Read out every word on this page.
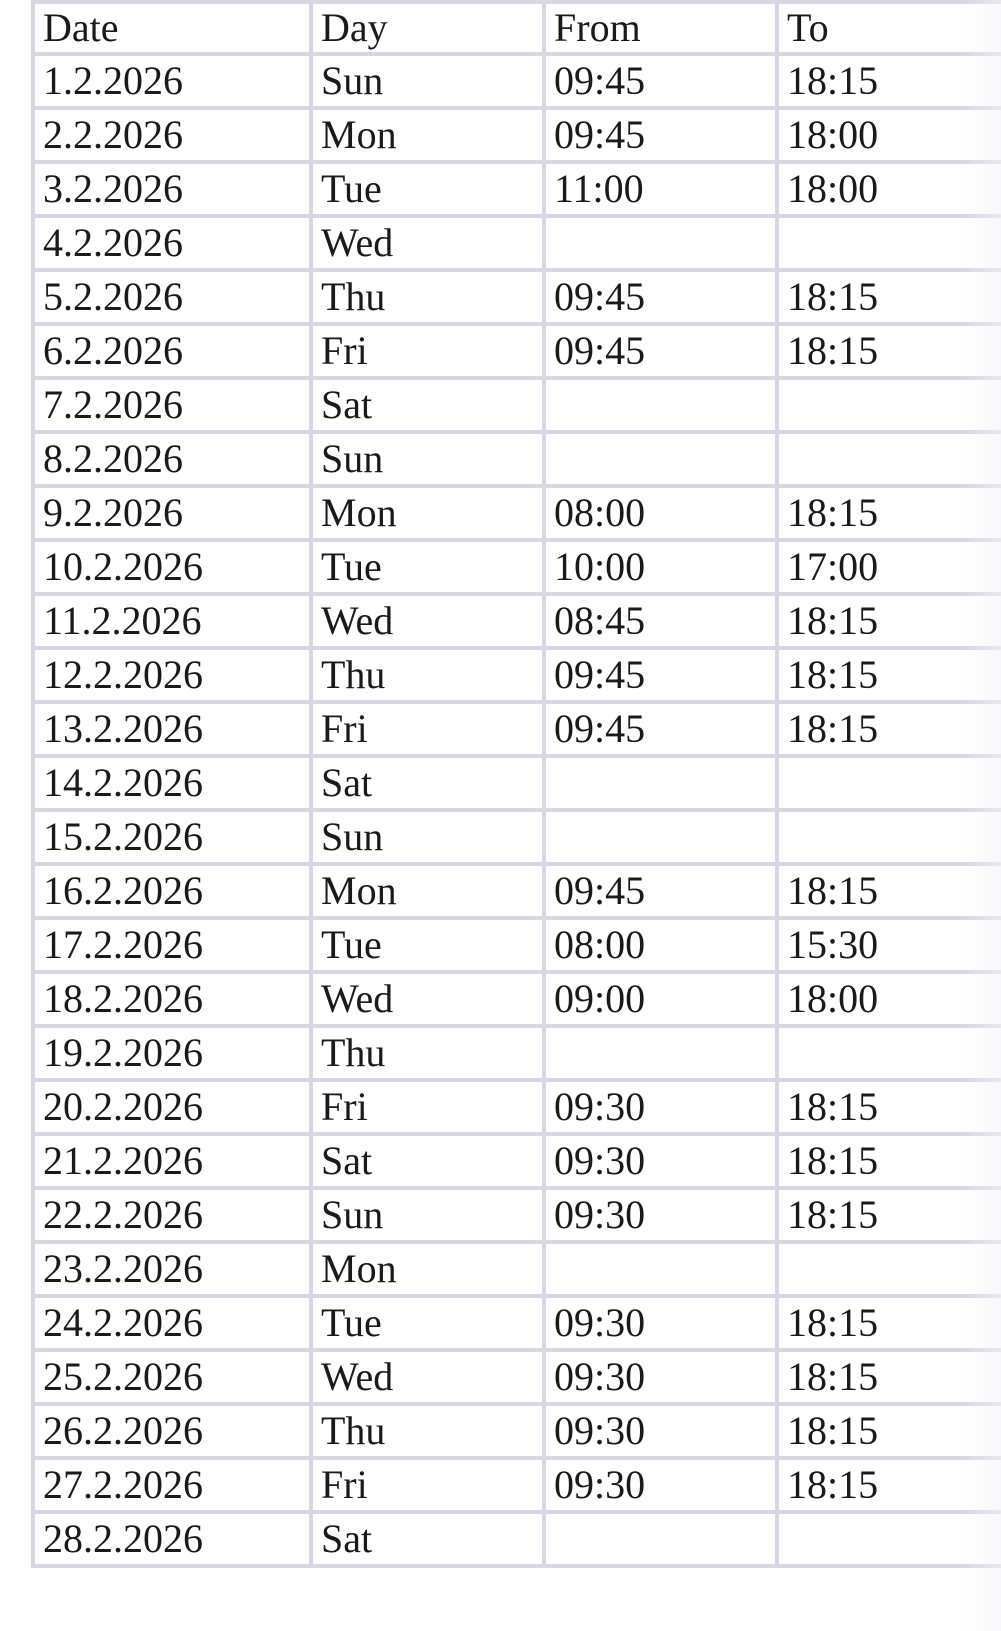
Date	Day	From	To
1.2.2026	Sun	09:45	18:15
2.2.2026	Mon	09:45	18:00
3.2.2026	Tue	11:00	18:00
4.2.2026	Wed		
5.2.2026	Thu	09:45	18:15
6.2.2026	Fri	09:45	18:15
7.2.2026	Sat		
8.2.2026	Sun		
9.2.2026	Mon	08:00	18:15
10.2.2026	Tue	10:00	17:00
11.2.2026	Wed	08:45	18:15
12.2.2026	Thu	09:45	18:15
13.2.2026	Fri	09:45	18:15
14.2.2026	Sat		
15.2.2026	Sun		
16.2.2026	Mon	09:45	18:15
17.2.2026	Tue	08:00	15:30
18.2.2026	Wed	09:00	18:00
19.2.2026	Thu		
20.2.2026	Fri	09:30	18:15
21.2.2026	Sat	09:30	18:15
22.2.2026	Sun	09:30	18:15
23.2.2026	Mon		
24.2.2026	Tue	09:30	18:15
25.2.2026	Wed	09:30	18:15
26.2.2026	Thu	09:30	18:15
27.2.2026	Fri	09:30	18:15
28.2.2026	Sat		
